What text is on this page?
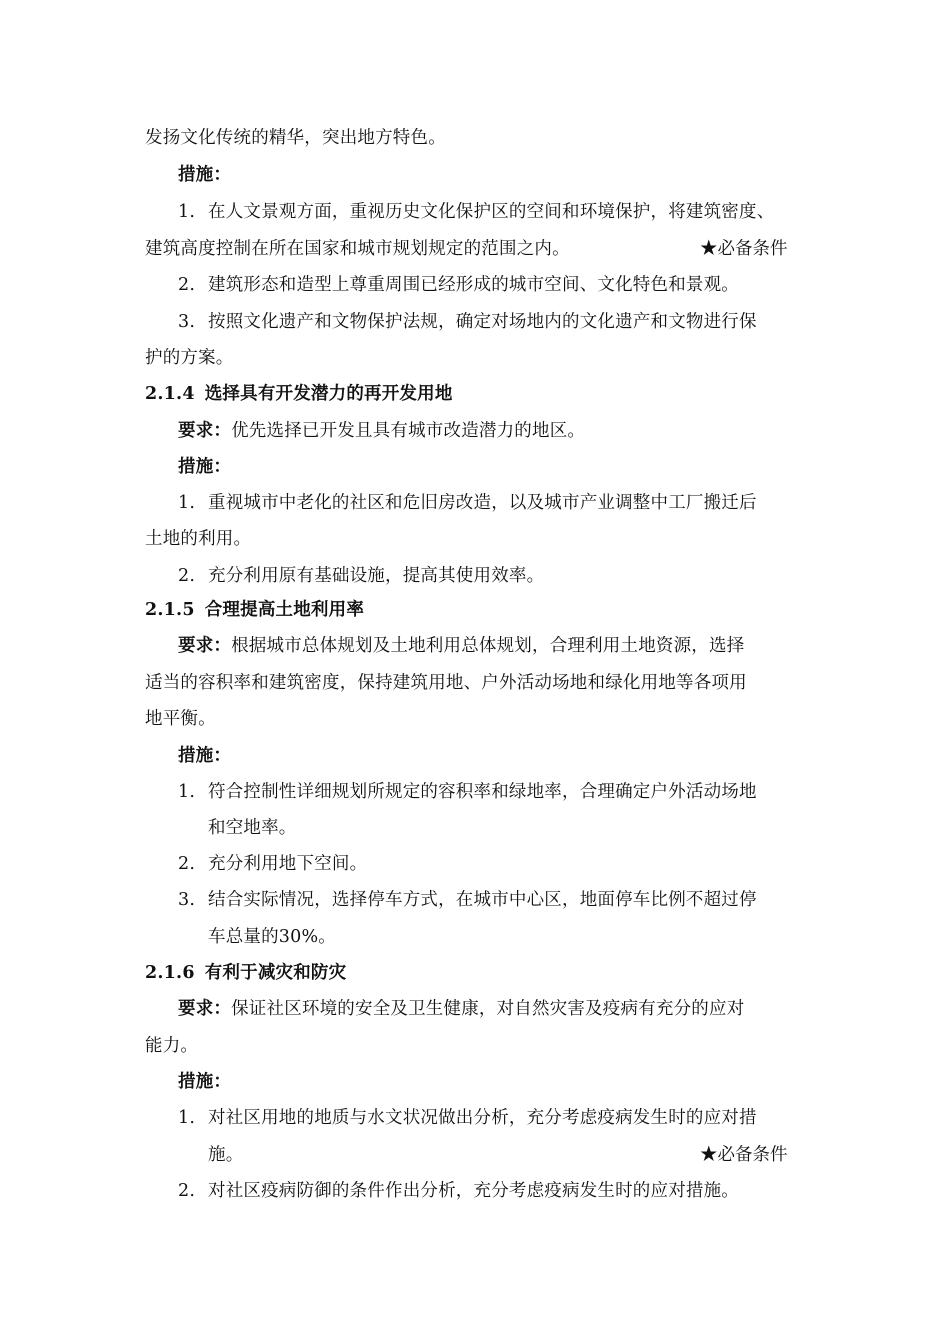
发扬文化传统的精华，突出地方特色。
措施：
1. 在人文景观方面，重视历史文化保护区的空间和环境保护，将建筑密度、
建筑高度控制在所在国家和城市规划规定的范围之内。	★必备条件
2. 建筑形态和造型上尊重周围已经形成的城市空间、文化特色和景观。
3. 按照文化遗产和文物保护法规，确定对场地内的文化遗产和文物进行保
护的方案。
2.1.4 选择具有开发潜力的再开发用地
要求：优先选择已开发且具有城市改造潜力的地区。
措施：
1. 重视城市中老化的社区和危旧房改造，以及城市产业调整中工厂搬迁后
土地的利用。
2. 充分利用原有基础设施，提高其使用效率。
2.1.5 合理提高土地利用率
要求：根据城市总体规划及土地利用总体规划，合理利用土地资源，选择
适当的容积率和建筑密度，保持建筑用地、户外活动场地和绿化用地等各项用
地平衡。
措施：
1. 符合控制性详细规划所规定的容积率和绿地率，合理确定户外活动场地
和空地率。
2. 充分利用地下空间。
3. 结合实际情况，选择停车方式，在城市中心区，地面停车比例不超过停
车总量的30%。
2.1.6 有利于减灾和防灾
要求：保证社区环境的安全及卫生健康，对自然灾害及疫病有充分的应对
能力。
措施：
1. 对社区用地的地质与水文状况做出分析，充分考虑疫病发生时的应对措
施。	★必备条件
2. 对社区疫病防御的条件作出分析，充分考虑疫病发生时的应对措施。
